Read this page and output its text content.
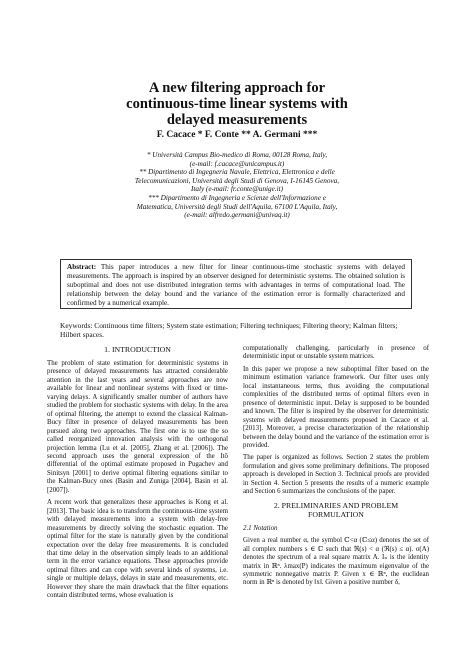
A new filtering approach for
continuous-time linear systems with
delayed measurements
F. Cacace * F. Conte ** A. Germani ***
* Università Campus Bio-medico di Roma, 00128 Roma, Italy,
(e-mail: f.cacace@unicampus.it)
** Dipartimento di Ingegneria Navale, Elettrica, Elettronica e delle
Telecomunicazioni, Università degli Studi di Genova, I-16145 Genova,
Italy (e-mail: fr.conte@unige.it)
*** Dipartimento di Ingegneria e Scienze dell'Informazione e
Matematica, Università degli Studi dell'Aquila, 67100 L'Aquila, Italy,
(e-mail: alfredo.germani@univaq.it)
Abstract: This paper introduces a new filter for linear continuous-time stochastic systems with delayed measurements. The approach is inspired by an observer designed for deterministic systems. The obtained solution is suboptimal and does not use distributed integration terms with advantages in terms of computational load. The relationship between the delay bound and the variance of the estimation error is formally characterized and confirmed by a numerical example.
Keywords: Continuous time filters; System state estimation; Filtering techniques; Filtering theory; Kalman filters; Hilbert spaces.
1. INTRODUCTION

The problem of state estimation for deterministic systems in presence of delayed measurements has attracted considerable attention in the last years and several approaches are now available for linear and nonlinear systems with fixed or time-varying delays. A significantly smaller number of authors have studied the problem for stochastic systems with delay. In the area of optimal filtering, the attempt to extend the classical Kalman-Bucy filter in presence of delayed measurements has been pursued along two approaches. The first one is to use the so called reorganized innovation analysis with the orthogonal projection lemma (Lu et al. [2005], Zhang et al. [2006]). The second approach uses the general expression of the Itô differential of the optimal estimate proposed in Pugachev and Sinitsyn [2001] to derive optimal filtering equations similar to the Kalman-Bucy ones (Basin and Zuniga [2004], Basin et al. [2007]).

A recent work that generalizes these approaches is Kong et al. [2013]. The basic idea is to transform the continuous-time system with delayed measurements into a system with delay-free measurements by directly solving the stochastic equation. The optimal filter for the state is naturally given by the conditional expectation over the delay free measurements. It is concluded that time delay in the observation simply leads to an additional term in the error variance equations. These approaches provide optimal filters and can cope with several kinds of systems, i.e. single or multiple delays, delays in state and measurements, etc. However they share the main drawback that the filter equations contain distributed terms, whose evaluation is

computationally challenging, particularly in presence of deterministic input or unstable system matrices.

In this paper we propose a new suboptimal filter based on the minimum estimation variance framework. Our filter uses only local instantaneous terms, thus avoiding the computational complexities of the distributed terms of optimal filters even in presence of deterministic input. Delay is supposed to be bounded and known. The filter is inspired by the observer for deterministic systems with delayed measurements proposed in Cacace et al. [2013]. Moreover, a precise characterization of the relationship between the delay bound and the variance of the estimation error is provided.

The paper is organized as follows. Section 2 states the problem formulation and gives some preliminary definitions. The proposed approach is developed in Section 3. Technical proofs are provided in Section 4. Section 5 presents the results of a numeric example and Section 6 summarizes the conclusions of the paper.

2. PRELIMINARIES AND PROBLEM
FORMULATION
2.1 Notation

Given a real number α, the symbol ℂ<α (ℂ≤α) denotes the set of all complex numbers s ∈ ℂ such that ℜ(s) < α (ℜ(s) ≤ α). σ(A) denotes the spectrum of a real square matrix A. Iₙ is the identity matrix in ℝⁿ. λmax(P) indicates the maximum eigenvalue of the symmetric nonnegative matrix P. Given x ∈ ℝⁿ, the euclidean norm in ℝⁿ is denoted by ‖x‖. Given a positive number δ,
